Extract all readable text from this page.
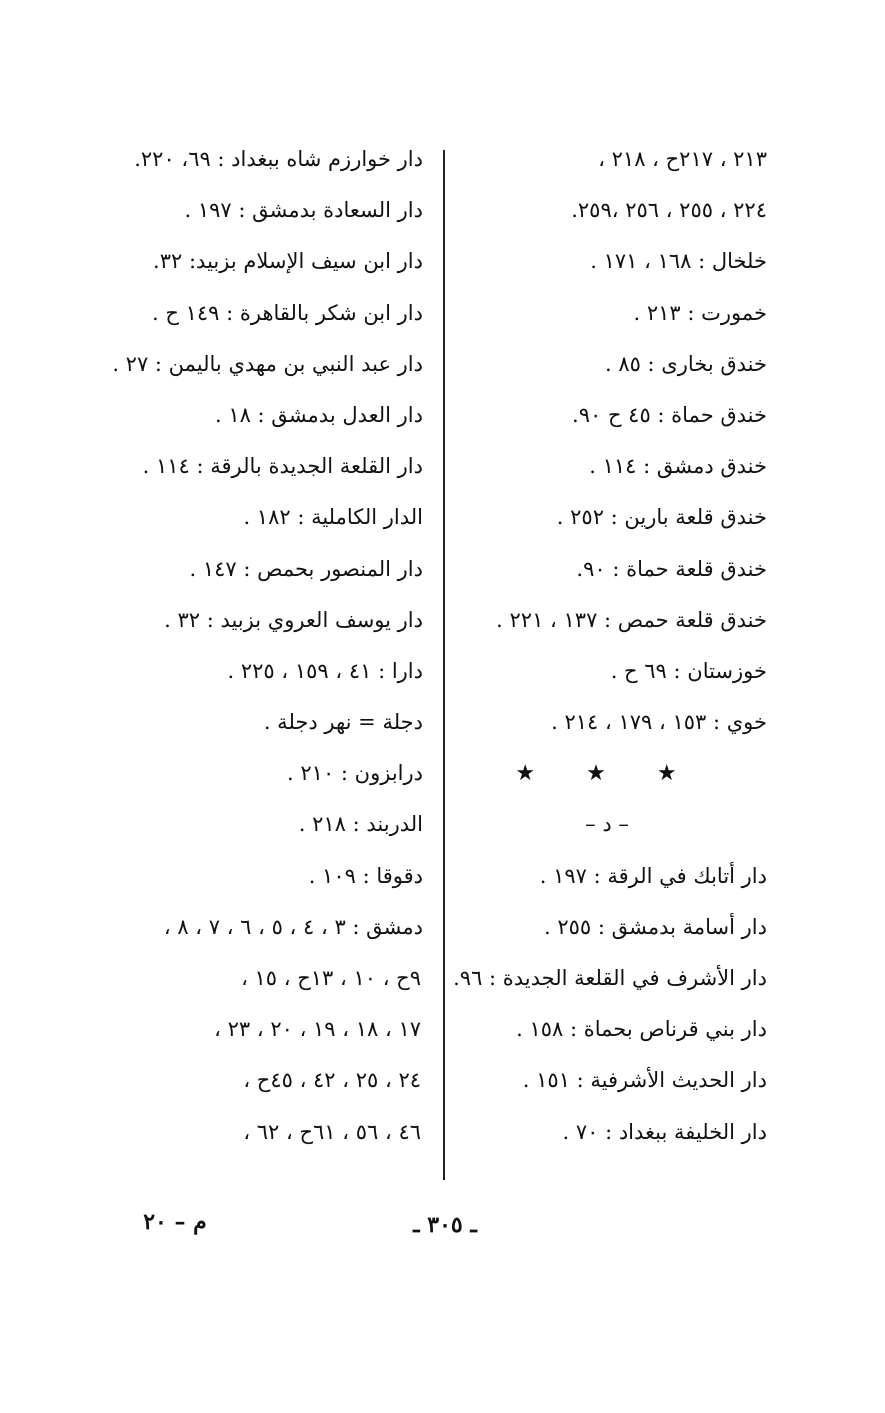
٢١٣ ، ٢١٧ح ، ٢١٨ ،
٢٢٤ ، ٢٥٥ ، ٢٥٦ ،٢٥٩.
خلخال : ١٦٨ ، ١٧١ .
خمورت : ٢١٣ .
خندق بخارى : ٨٥ .
خندق حماة : ٤٥ ح ٩٠.
خندق دمشق : ١١٤ .
خندق قلعة بارين : ٢٥٢ .
خندق قلعة حماة : ٩٠.
خندق قلعة حمص : ١٣٧ ، ٢٢١ .
خوزستان : ٦٩ ح .
خوي : ١٥٣ ، ١٧٩ ، ٢١٤ .
★ ★ ★
– د –
دار أتابك في الرقة : ١٩٧ .
دار أسامة بدمشق : ٢٥٥ .
دار الأشرف في القلعة الجديدة : ٩٦.
دار بني قرناص بحماة : ١٥٨ .
دار الحديث الأشرفية : ١٥١ .
دار الخليفة ببغداد : ٧٠ .
دار خوارزم شاه ببغداد : ٦٩، ٢٢٠.
دار السعادة بدمشق : ١٩٧ .
دار ابن سيف الإسلام بزبيد: ٣٢.
دار ابن شكر بالقاهرة : ١٤٩ ح .
دار عبد النبي بن مهدي باليمن : ٢٧ .
دار العدل بدمشق : ١٨ .
دار القلعة الجديدة بالرقة : ١١٤ .
الدار الكاملية : ١٨٢ .
دار المنصور بحمص : ١٤٧ .
دار يوسف العروي بزبيد : ٣٢ .
دارا : ٤١ ، ١٥٩ ، ٢٢٥ .
دجلة = نهر دجلة .
درابزون : ٢١٠ .
الدربند : ٢١٨ .
دقوقا : ١٠٩ .
دمشق : ٣ ، ٤ ، ٥ ، ٦ ، ٧ ، ٨ ،
٩ح ، ١٠ ، ١٣ح ، ١٥ ،
١٧ ، ١٨ ، ١٩ ، ٢٠ ، ٢٣ ،
٢٤ ، ٢٥ ، ٤٢ ، ٤٥ح ،
٤٦ ، ٥٦ ، ٦١ح ، ٦٢ ،
ـ ٣٠٥ ـ
م – ٢٠
